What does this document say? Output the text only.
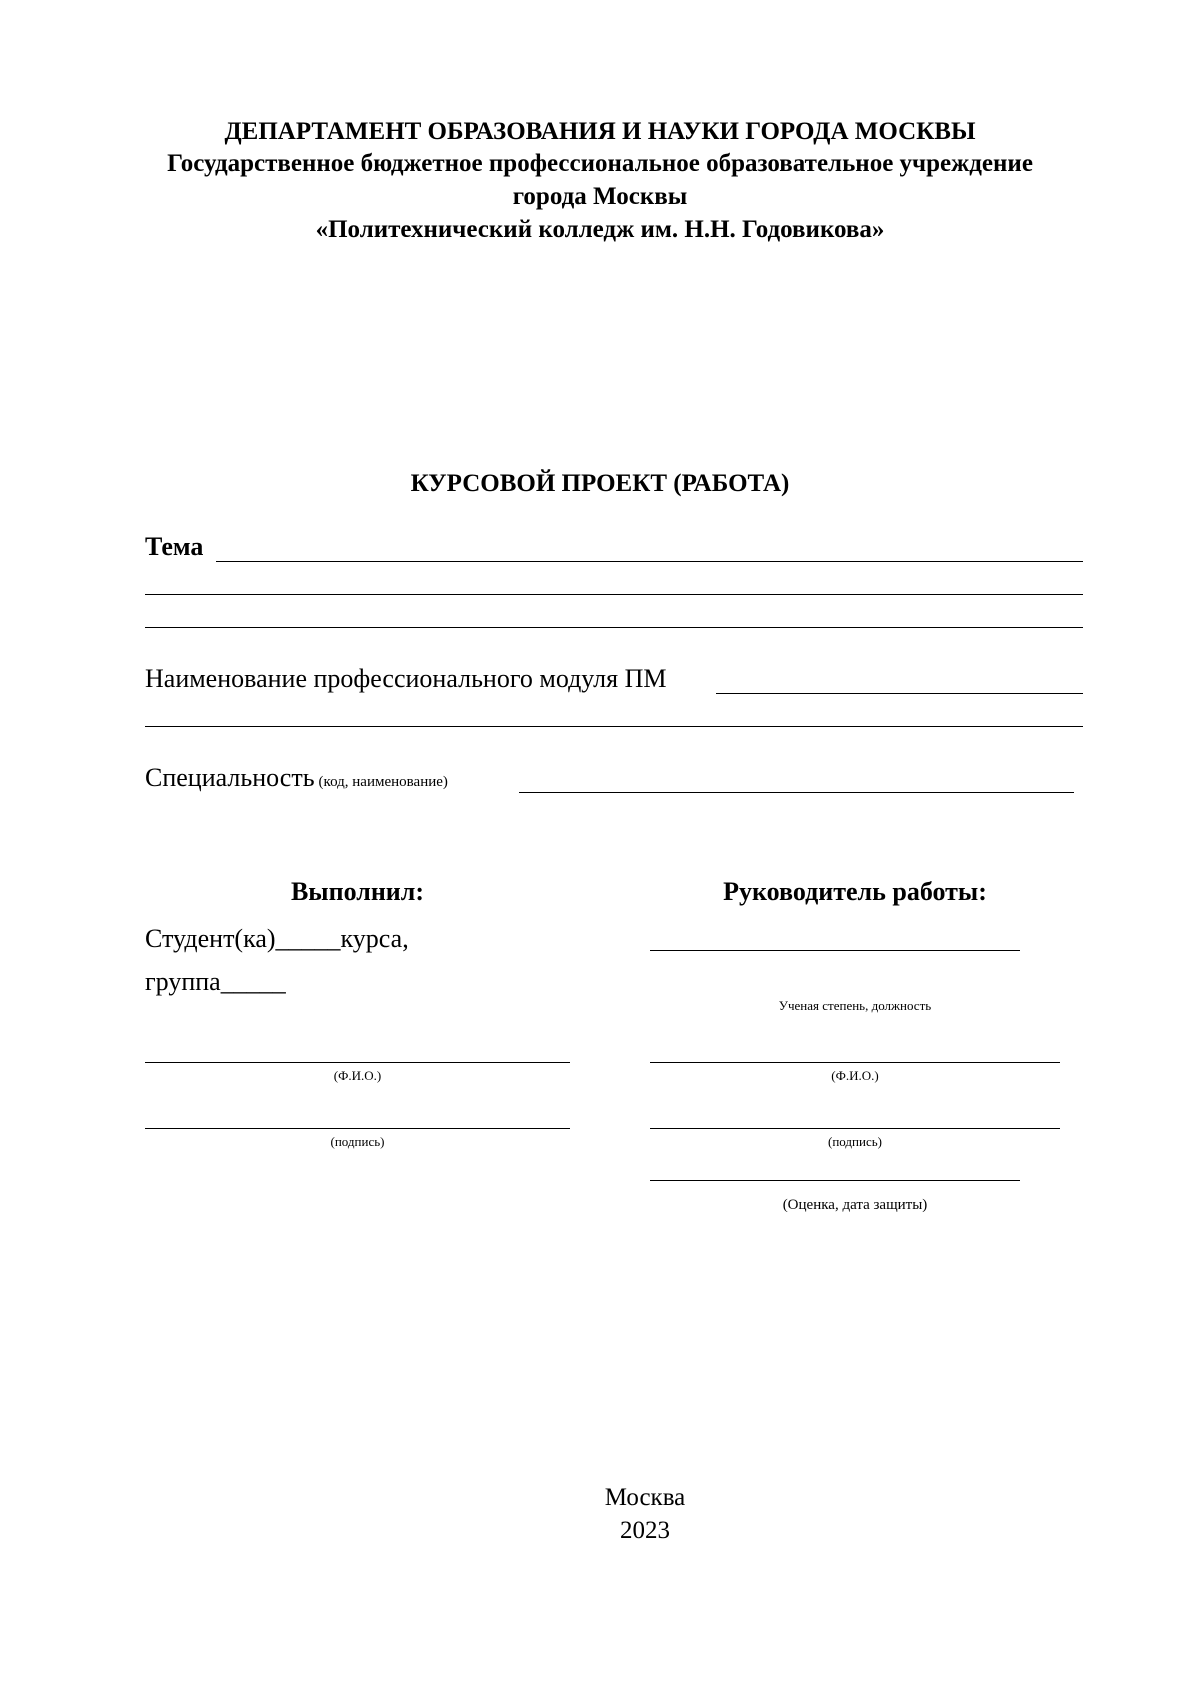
ДЕПАРТАМЕНТ ОБРАЗОВАНИЯ И НАУКИ ГОРОДА МОСКВЫ
Государственное бюджетное профессиональное образовательное учреждение
города Москвы
«Политехнический колледж им. Н.Н. Годовикова»
КУРСОВОЙ ПРОЕКТ (РАБОТА)
Тема
Наименование профессионального модуля ПМ
Специальность (код, наименование)
Выполнил:
Студент(ка)_____курса,
группа_____
(Ф.И.О.)
(подпись)
Руководитель работы:
Ученая степень, должность
(Ф.И.О.)
(подпись)
(Оценка, дата защиты)
Москва
2023
